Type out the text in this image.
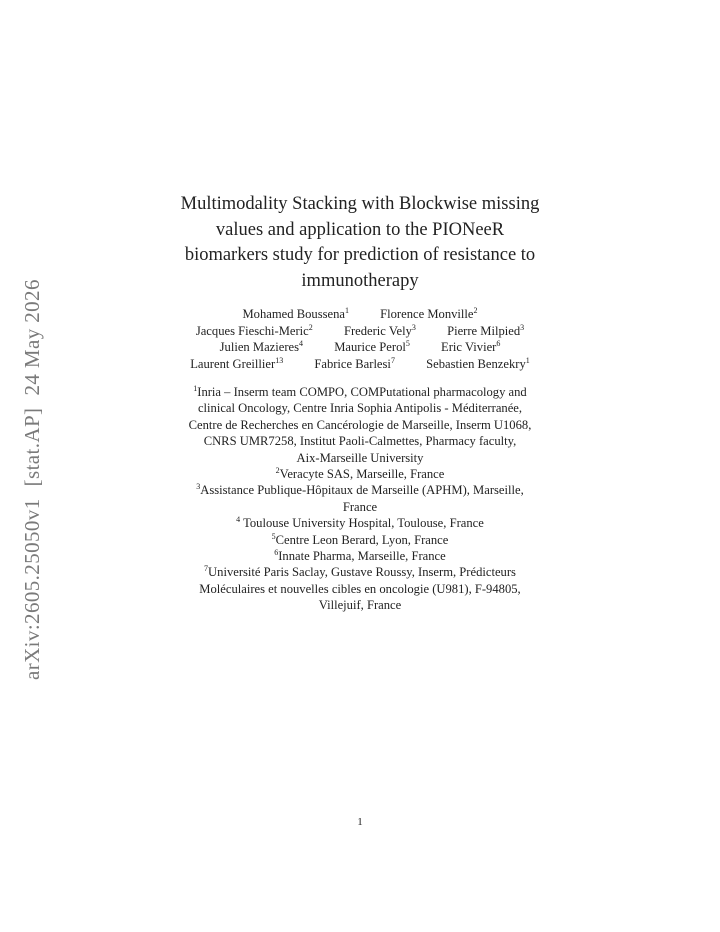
arXiv:2605.25050v1[stat.AP]24 May 2026
Multimodality Stacking with Blockwise missing
values and application to the PIONeeR
biomarkers study for prediction of resistance to
immunotherapy
Mohamed Boussena$^1$ Florence Monville$^2$
Jacques Fieschi-Meric$^2$ Frederic Vely$^3$ Pierre Milpied$^3$
Julien Mazieres$^4$ Maurice Perol$^5$ Eric Vivier$^6$
Laurent Greillier$^{13}$ Fabrice Barlesi$^7$ Sebastien Benzekry$^1$
$^1$Inria – Inserm team COMPO, COMPutational pharmacology and
clinical Oncology, Centre Inria Sophia Antipolis - Méditerranée,
Centre de Recherches en Cancérologie de Marseille, Inserm U1068,
CNRS UMR7258, Institut Paoli-Calmettes, Pharmacy faculty,
Aix-Marseille University
$^2$Veracyte SAS, Marseille, France
$^3$Assistance Publique-Hôpitaux de Marseille (APHM), Marseille,
France
$^4$ Toulouse University Hospital, Toulouse, France
$^5$Centre Leon Berard, Lyon, France
$^6$Innate Pharma, Marseille, France
$^7$Université Paris Saclay, Gustave Roussy, Inserm, Prédicteurs
Moléculaires et nouvelles cibles en oncologie (U981), F-94805,
Villejuif, France
1
